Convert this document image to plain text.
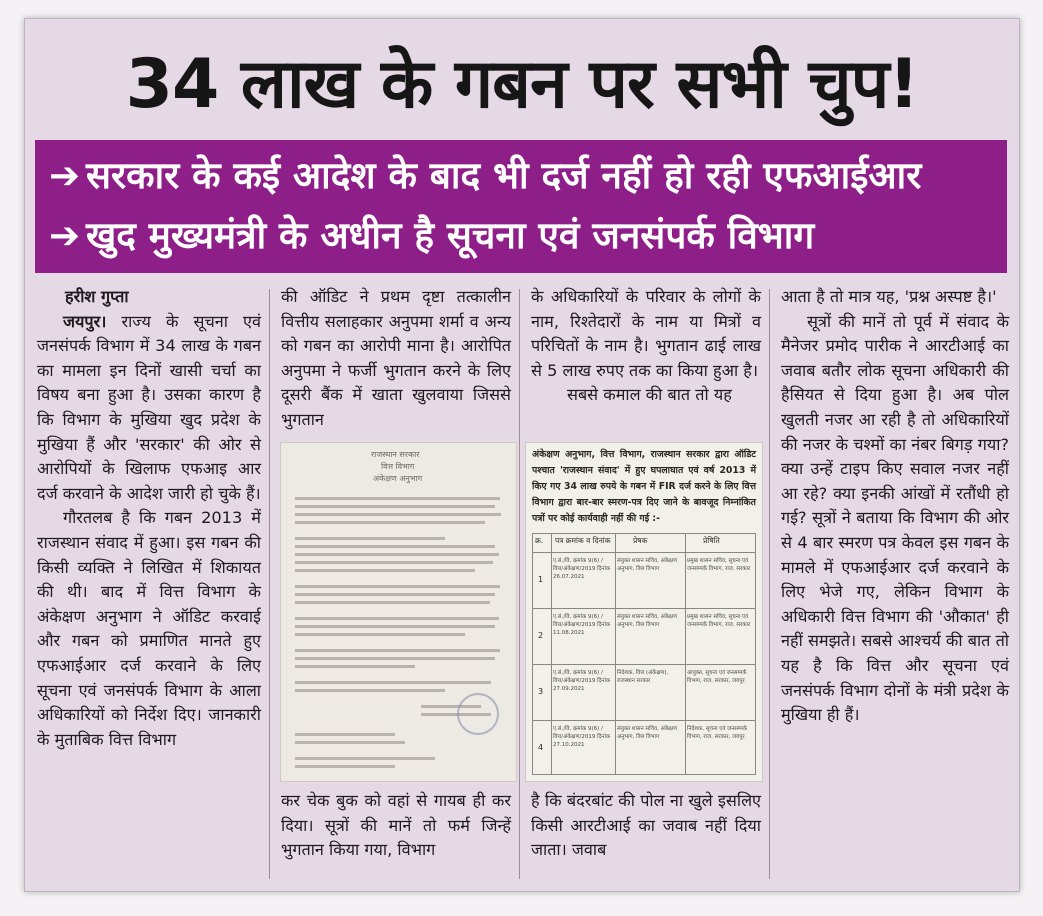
34 लाख के गबन पर सभी चुप!
➔ सरकार के कई आदेश के बाद भी दर्ज नहीं हो रही एफआईआर
➔ खुद मुख्यमंत्री के अधीन है सूचना एवं जनसंपर्क विभाग

हरीश गुप्ता

जयपुर। राज्य के सूचना एवं जनसंपर्क विभाग में 34 लाख के गबन का मामला इन दिनों खासी चर्चा का विषय बना हुआ है। उसका कारण है कि विभाग के मुखिया खुद प्रदेश के मुखिया हैं और 'सरकार' की ओर से आरोपियों के खिलाफ एफआइ आर दर्ज करवाने के आदेश जारी हो चुके हैं।

गौरतलब है कि गबन 2013 में राजस्थान संवाद में हुआ। इस गबन की किसी व्यक्ति ने लिखित में शिकायत की थी। बाद में वित्त विभाग के अंकेक्षण अनुभाग ने ऑडिट करवाई और गबन को प्रमाणित मानते हुए एफआईआर दर्ज करवाने के लिए सूचना एवं जनसंपर्क विभाग के आला अधिकारियों को निर्देश दिए। जानकारी के मुताबिक वित्त विभाग

की ऑडिट ने प्रथम दृष्टा तत्कालीन वित्तीय सलाहकार अनुपमा शर्मा व अन्य को गबन का आरोपी माना है। आरोपित अनुपमा ने फर्जी भुगतान करने के लिए दूसरी बैंक में खाता खुलवाया जिससे भुगतान

के अधिकारियों के परिवार के लोगों के नाम, रिश्तेदारों के नाम या मित्रों व परिचितों के नाम है। भुगतान ढाई लाख से 5 लाख रुपए तक का किया हुआ है।

सबसे कमाल की बात तो यह

राजस्थान सरकार
वित्त विभाग
अंकेक्षण अनुभाग
अंकेक्षण अनुभाग, वित्त विभाग, राजस्थान सरकार द्वारा ऑडिट पश्चात 'राजस्थान संवाद' में हुए घपलाघात एवं वर्ष 2013 में किए गए 34 लाख रुपये के गबन में FIR दर्ज करने के लिए वित्त विभाग द्वारा बार-बार स्मरण-पत्र दिए जाने के बावजूद निम्नांकित पत्रों पर कोई कार्यवाही नहीं की गई :-
क्र. पत्र क्रमांक व दिनांक	प्रेषक	प्रेषिति
1
ए.सं./वि. क्रमांक 9(6) / वित्त/अंकेक्षण/2019 दिनांक 26.07.2021
संयुक्त शासन सचिव, अंकेक्षण अनुभाग, वित्त विभाग
प्रमुख शासन सचिव, सूचना एवं जनसम्पर्क विभाग, राज. सरकार
2
ए.सं./वि. क्रमांक 9(6) / वित्त/अंकेक्षण/2019 दिनांक 11.08.2021
संयुक्त शासन सचिव, अंकेक्षण अनुभाग, वित्त विभाग
प्रमुख शासन सचिव, सूचना एवं जनसम्पर्क विभाग, राज. सरकार
3
ए.सं./वि. क्रमांक 9(6) / वित्त/अंकेक्षण/2019 दिनांक 27.09.2021
निदेशक, वित्त (अंकेक्षण), राजस्थान सरकार
आयुक्त, सूचना एवं जनसम्पर्क विभाग, राज. सरकार, जयपुर
4
ए.सं./वि. क्रमांक 9(6) / वित्त/अंकेक्षण/2019 दिनांक 27.10.2021
संयुक्त शासन सचिव, अंकेक्षण अनुभाग, वित्त विभाग
निदेशक, सूचना एवं जनसम्पर्क विभाग, राज. सरकार, जयपुर

कर चेक बुक को वहां से गायब ही कर दिया। सूत्रों की मानें तो फर्म जिन्हें भुगतान किया गया, विभाग

है कि बंदरबांट की पोल ना खुले इसलिए किसी आरटीआई का जवाब नहीं दिया जाता। जवाब

आता है तो मात्र यह, 'प्रश्न अस्पष्ट है।'

सूत्रों की मानें तो पूर्व में संवाद के मैनेजर प्रमोद पारीक ने आरटीआई का जवाब बतौर लोक सूचना अधिकारी की हैसियत से दिया हुआ है। अब पोल खुलती नजर आ रही है तो अधिकारियों की नजर के चश्मों का नंबर बिगड़ गया? क्या उन्हें टाइप किए सवाल नजर नहीं आ रहे? क्या इनकी आंखों में रतौंधी हो गई? सूत्रों ने बताया कि विभाग की ओर से 4 बार स्मरण पत्र केवल इस गबन के मामले में एफआईआर दर्ज करवाने के लिए भेजे गए, लेकिन विभाग के अधिकारी वित्त विभाग की 'औकात' ही नहीं समझते। सबसे आश्चर्य की बात तो यह है कि वित्त और सूचना एवं जनसंपर्क विभाग दोनों के मंत्री प्रदेश के मुखिया ही हैं।
